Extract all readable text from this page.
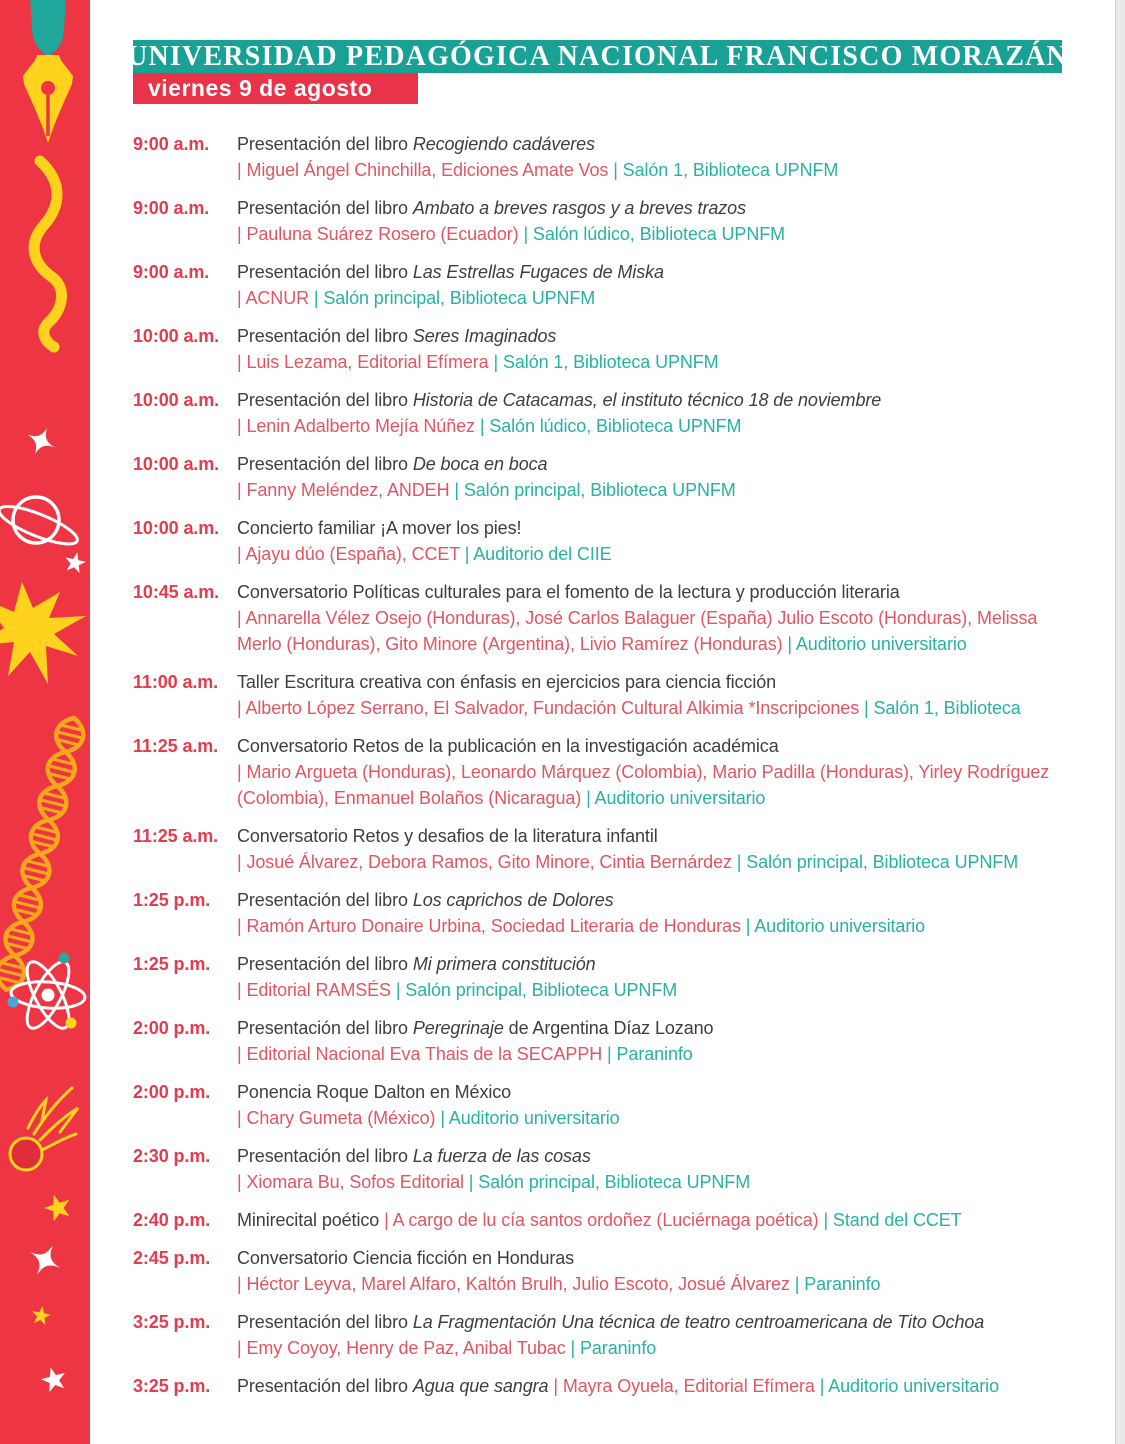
UNIVERSIDAD PEDAGÓGICA NACIONAL FRANCISCO MORAZÁN
viernes 9 de agosto
9:00 a.m.	Presentación del libro Recogiendo cadáveres
| Miguel Ángel Chinchilla, Ediciones Amate Vos | Salón 1, Biblioteca UPNFM
9:00 a.m.	Presentación del libro Ambato a breves rasgos y a breves trazos
| Pauluna Suárez Rosero (Ecuador) | Salón lúdico, Biblioteca UPNFM
9:00 a.m.	Presentación del libro Las Estrellas Fugaces de Miska
| ACNUR | Salón principal, Biblioteca UPNFM
10:00 a.m. Presentación del libro Seres Imaginados
| Luis Lezama, Editorial Efímera | Salón 1, Biblioteca UPNFM
10:00 a.m. Presentación del libro Historia de Catacamas, el instituto técnico 18 de noviembre
| Lenin Adalberto Mejía Núñez | Salón lúdico, Biblioteca UPNFM
10:00 a.m. Presentación del libro De boca en boca
| Fanny Meléndez, ANDEH | Salón principal, Biblioteca UPNFM
10:00 a.m. Concierto familiar ¡A mover los pies!
| Ajayu dúo (España), CCET | Auditorio del CIIE
10:45 a.m. Conversatorio Políticas culturales para el fomento de la lectura y producción literaria
| Annarella Vélez Osejo (Honduras), José Carlos Balaguer (España) Julio Escoto (Honduras), Melissa
Merlo (Honduras), Gito Minore (Argentina), Livio Ramírez (Honduras) | Auditorio universitario
11:00 a.m.	Taller Escritura creativa con énfasis en ejercicios para ciencia ficción
| Alberto López Serrano, El Salvador, Fundación Cultural Alkimia *Inscripciones | Salón 1, Biblioteca
11:25 a.m.	Conversatorio Retos de la publicación en la investigación académica
| Mario Argueta (Honduras), Leonardo Márquez (Colombia), Mario Padilla (Honduras), Yirley Rodríguez
(Colombia), Enmanuel Bolaños (Nicaragua) | Auditorio universitario
11:25 a.m.	Conversatorio Retos y desafios de la literatura infantil
| Josué Álvarez, Debora Ramos, Gito Minore, Cintia Bernárdez | Salón principal, Biblioteca UPNFM
1:25 p.m.	Presentación del libro Los caprichos de Dolores
| Ramón Arturo Donaire Urbina, Sociedad Literaria de Honduras | Auditorio universitario
1:25 p.m.	Presentación del libro Mi primera constitución
| Editorial RAMSÉS | Salón principal, Biblioteca UPNFM
2:00 p.m.	Presentación del libro Peregrinaje de Argentina Díaz Lozano
| Editorial Nacional Eva Thais de la SECAPPH | Paraninfo
2:00 p.m.	Ponencia Roque Dalton en México
| Chary Gumeta (México) | Auditorio universitario
2:30 p.m.	Presentación del libro La fuerza de las cosas
| Xiomara Bu, Sofos Editorial | Salón principal, Biblioteca UPNFM
2:40 p.m.	Minirecital poético | A cargo de lu cía santos ordoñez (Luciérnaga poética) | Stand del CCET
2:45 p.m.	Conversatorio Ciencia ficción en Honduras
| Héctor Leyva, Marel Alfaro, Kaltón Brulh, Julio Escoto, Josué Álvarez | Paraninfo
3:25 p.m.	Presentación del libro La Fragmentación Una técnica de teatro centroamericana de Tito Ochoa
| Emy Coyoy, Henry de Paz, Anibal Tubac | Paraninfo
3:25 p.m.	Presentación del libro Agua que sangra | Mayra Oyuela, Editorial Efímera | Auditorio universitario
